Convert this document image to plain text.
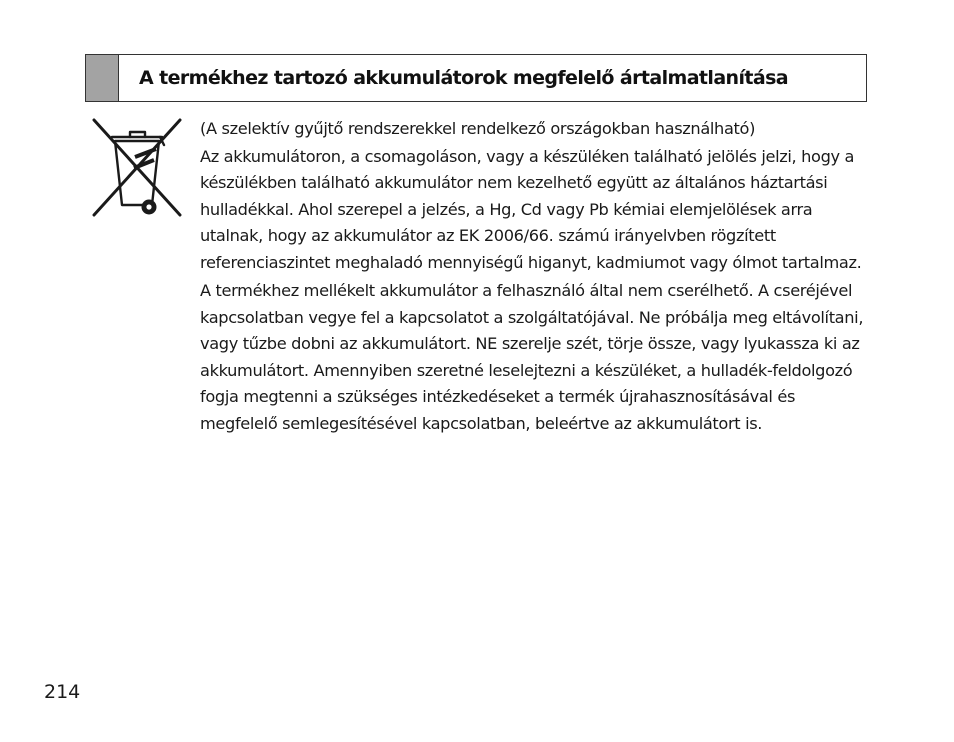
A termékhez tartozó akkumulátorok megfelelő ártalmatlanítása

(A szelektív gyűjtő rendszerekkel rendelkező országokban használható)

Az akkumulátoron, a csomagoláson, vagy a készüléken található jelölés jelzi, hogy a készülékben található akkumulátor nem kezelhető együtt az általános háztartási hulladékkal. Ahol szerepel a jelzés, a Hg, Cd vagy Pb kémiai elemjelölések arra utalnak, hogy az akkumulátor az EK 2006/66. számú irányelvben rögzített referenciaszintet meghaladó mennyiségű higanyt, kadmiumot vagy ólmot tartalmaz.

A termékhez mellékelt akkumulátor a felhasználó által nem cserélhető. A cseréjével kapcsolatban vegye fel a kapcsolatot a szolgáltatójával. Ne próbálja meg eltávolítani, vagy tűzbe dobni az akkumulátort. NE szerelje szét, törje össze, vagy lyukassza ki az akkumulátort. Amennyiben szeretné leselejtezni a készüléket, a hulladék-feldolgozó fogja megtenni a szükséges intézkedéseket a termék újrahasznosításával és megfelelő semlegesítésével kapcsolatban, beleértve az akkumulátort is.

214
